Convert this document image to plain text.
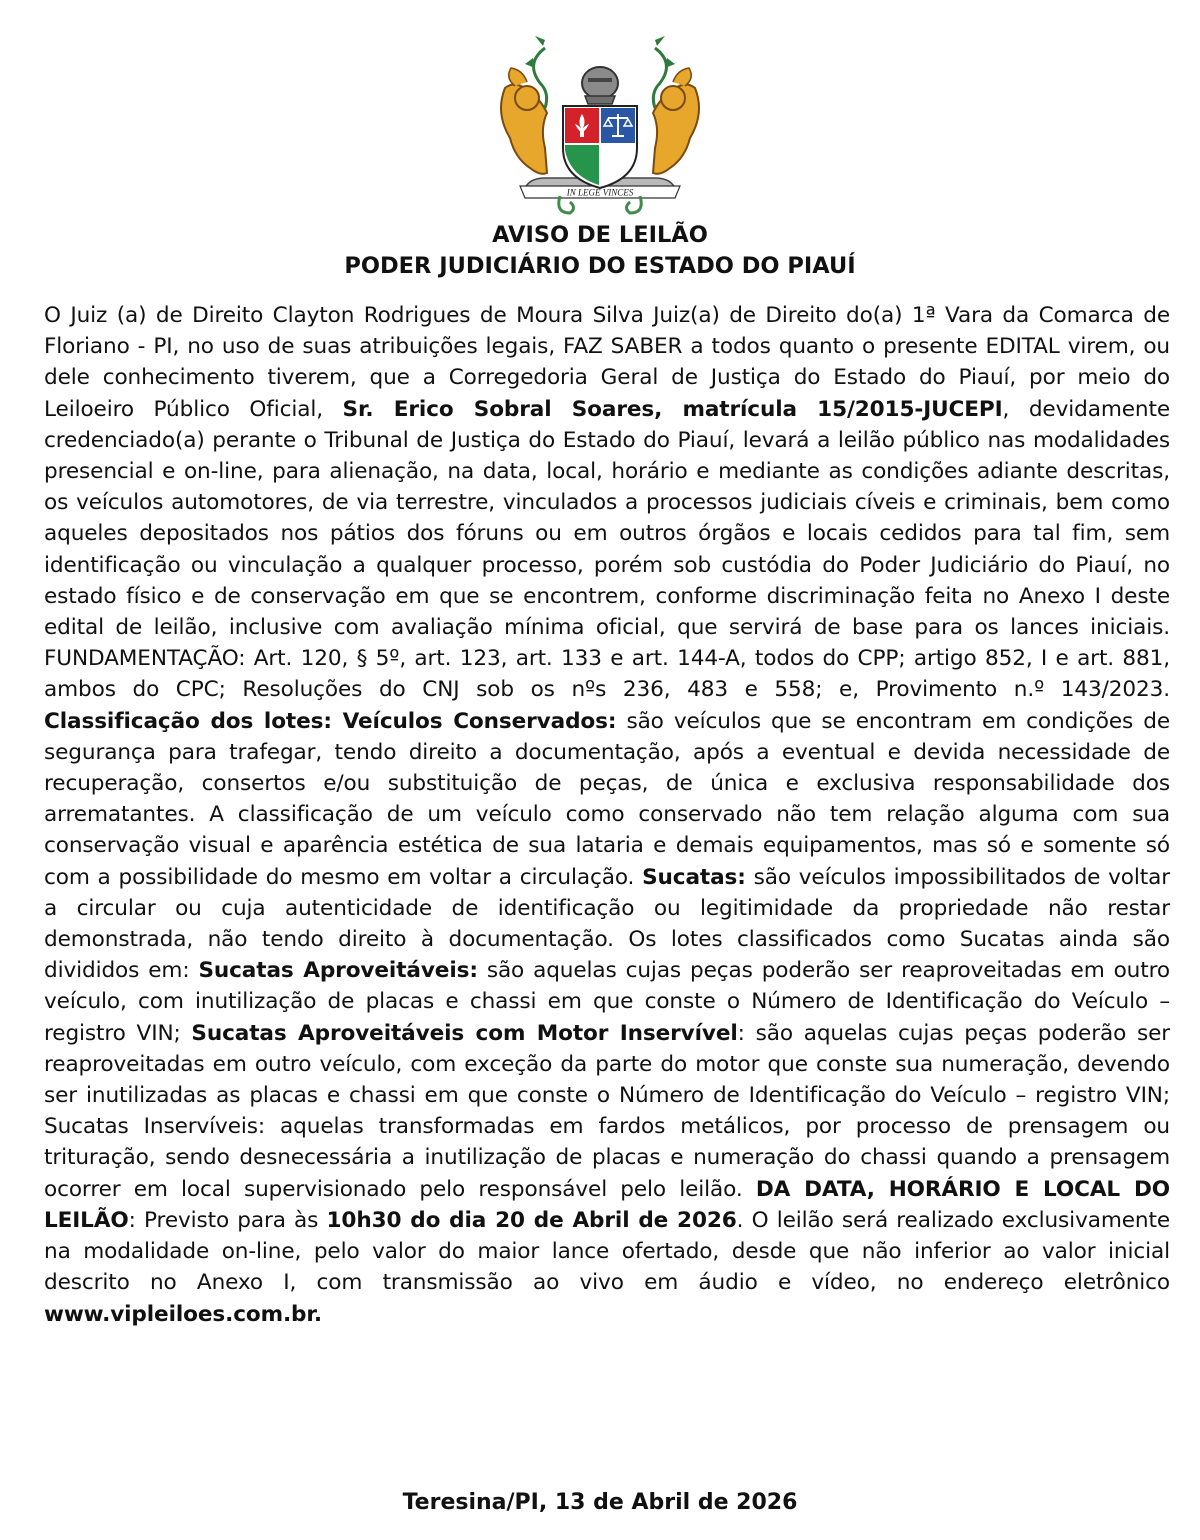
IN LEGE VINCES
AVISO DE LEILÃO
PODER JUDICIÁRIO DO ESTADO DO PIAUÍ
O Juiz (a) de Direito Clayton Rodrigues de Moura Silva Juiz(a) de Direito do(a) 1ª Vara da Comarca de Floriano - PI, no uso de suas atribuições legais, FAZ SABER a todos quanto o presente EDITAL virem, ou dele conhecimento tiverem, que a Corregedoria Geral de Justiça do Estado do Piauí, por meio do Leiloeiro Público Oficial, Sr. Erico Sobral Soares, matrícula 15/2015-JUCEPI, devidamente credenciado(a) perante o Tribunal de Justiça do Estado do Piauí, levará a leilão público nas modalidades presencial e on-line, para alienação, na data, local, horário e mediante as condições adiante descritas, os veículos automotores, de via terrestre, vinculados a processos judiciais cíveis e criminais, bem como aqueles depositados nos pátios dos fóruns ou em outros órgãos e locais cedidos para tal fim, sem identificação ou vinculação a qualquer processo, porém sob custódia do Poder Judiciário do Piauí, no estado físico e de conservação em que se encontrem, conforme discriminação feita no Anexo I deste edital de leilão, inclusive com avaliação mínima oficial, que servirá de base para os lances iniciais. FUNDAMENTAÇÃO: Art. 120, § 5º, art. 123, art. 133 e art. 144-A, todos do CPP; artigo 852, I e art. 881, ambos do CPC; Resoluções do CNJ sob os nºs 236, 483 e 558; e, Provimento n.º 143/2023. Classificação dos lotes: Veículos Conservados: são veículos que se encontram em condições de segurança para trafegar, tendo direito a documentação, após a eventual e devida necessidade de recuperação, consertos e/ou substituição de peças, de única e exclusiva responsabilidade dos arrematantes. A classificação de um veículo como conservado não tem relação alguma com sua conservação visual e aparência estética de sua lataria e demais equipamentos, mas só e somente só com a possibilidade do mesmo em voltar a circulação. Sucatas: são veículos impossibilitados de voltar a circular ou cuja autenticidade de identificação ou legitimidade da propriedade não restar demonstrada, não tendo direito à documentação. Os lotes classificados como Sucatas ainda são divididos em: Sucatas Aproveitáveis: são aquelas cujas peças poderão ser reaproveitadas em outro veículo, com inutilização de placas e chassi em que conste o Número de Identificação do Veículo – registro VIN; Sucatas Aproveitáveis com Motor Inservível: são aquelas cujas peças poderão ser reaproveitadas em outro veículo, com exceção da parte do motor que conste sua numeração, devendo ser inutilizadas as placas e chassi em que conste o Número de Identificação do Veículo – registro VIN; Sucatas Inservíveis: aquelas transformadas em fardos metálicos, por processo de prensagem ou trituração, sendo desnecessária a inutilização de placas e numeração do chassi quando a prensagem ocorrer em local supervisionado pelo responsável pelo leilão. DA DATA, HORÁRIO E LOCAL DO LEILÃO: Previsto para às 10h30 do dia 20 de Abril de 2026. O leilão será realizado exclusivamente na modalidade on-line, pelo valor do maior lance ofertado, desde que não inferior ao valor inicial descrito no Anexo I, com transmissão ao vivo em áudio e vídeo, no endereço eletrônico www.vipleiloes.com.br.
Teresina/PI, 13 de Abril de 2026
